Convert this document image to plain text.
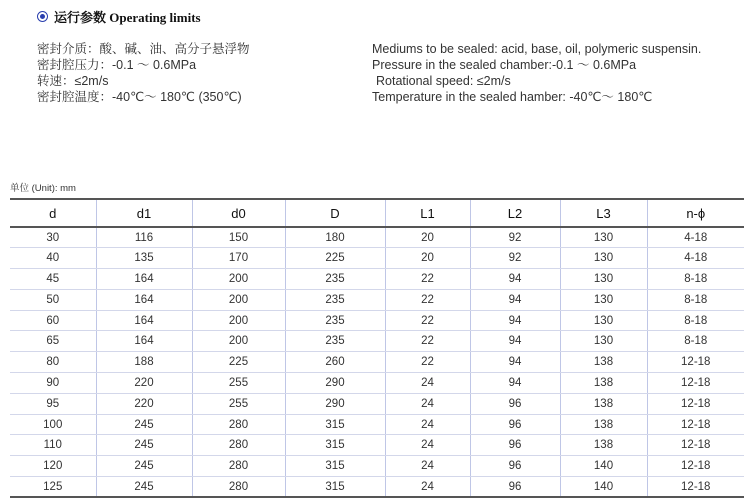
运行参数 Operating limits
密封介质：酸、碱、油、高分子悬浮物
密封腔压力：-0.1 ～ 0.6MPa
转速：≤2m/s
密封腔温度：-40℃～ 180℃ (350℃)
Mediums to be sealed: acid, base, oil, polymeric suspensin.
Pressure in the sealed chamber:-0.1 ～ 0.6MPa
Rotational speed: ≤2m/s
Temperature in the sealed hamber: -40℃～ 180℃
单位 (Unit): mm
d	d1	d0	D	L1	L2	L3	n-ϕ
30	116	150	180	20	92	130	4-18
40	135	170	225	20	92	130	4-18
45	164	200	235	22	94	130	8-18
50	164	200	235	22	94	130	8-18
60	164	200	235	22	94	130	8-18
65	164	200	235	22	94	130	8-18
80	188	225	260	22	94	138	12-18
90	220	255	290	24	94	138	12-18
95	220	255	290	24	96	138	12-18
100	245	280	315	24	96	138	12-18
110	245	280	315	24	96	138	12-18
120	245	280	315	24	96	140	12-18
125	245	280	315	24	96	140	12-18
